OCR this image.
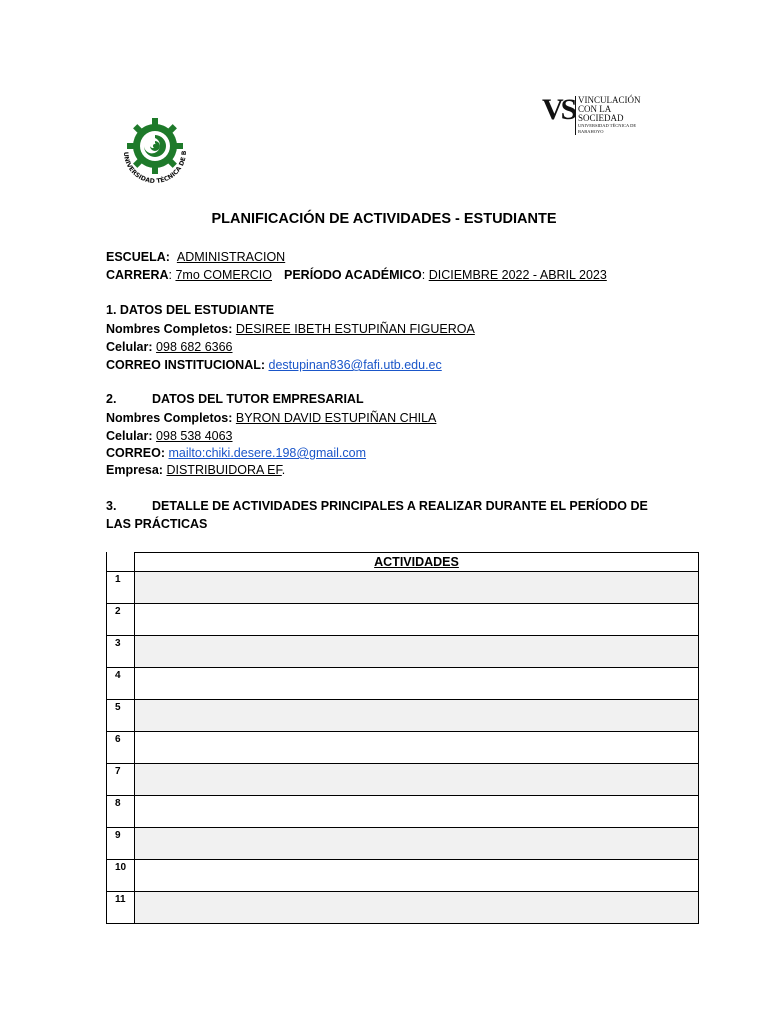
UNIVERSIDAD TÉCNICA DE B
VS VINCULACIÓN
CON LA SOCIEDAD
UNIVERSIDAD TÉCNICA DE BABAHOYO
PLANIFICACIÓN DE ACTIVIDADES - ESTUDIANTE
ESCUELA: ADMINISTRACION
CARRERA: 7mo COMERCIO PERÍODO ACADÉMICO: DICIEMBRE 2022 - ABRIL 2023
1. DATOS DEL ESTUDIANTE
Nombres Completos: DESIREE IBETH ESTUPIÑAN FIGUEROA
Celular: 098 682 6366
CORREO INSTITUCIONAL: destupinan836@fafi.utb.edu.ec
2.	DATOS DEL TUTOR EMPRESARIAL
Nombres Completos: BYRON DAVID ESTUPIÑAN CHILA
Celular: 098 538 4063
CORREO: mailto:chiki.desere.198@gmail.com
Empresa: DISTRIBUIDORA EF.
3.	DETALLE DE ACTIVIDADES PRINCIPALES A REALIZAR DURANTE EL PERÍODO DE
LAS PRÁCTICAS
	ACTIVIDADES
1	
2	
3	
4	
5	
6	
7	
8	
9	
10	
11	
